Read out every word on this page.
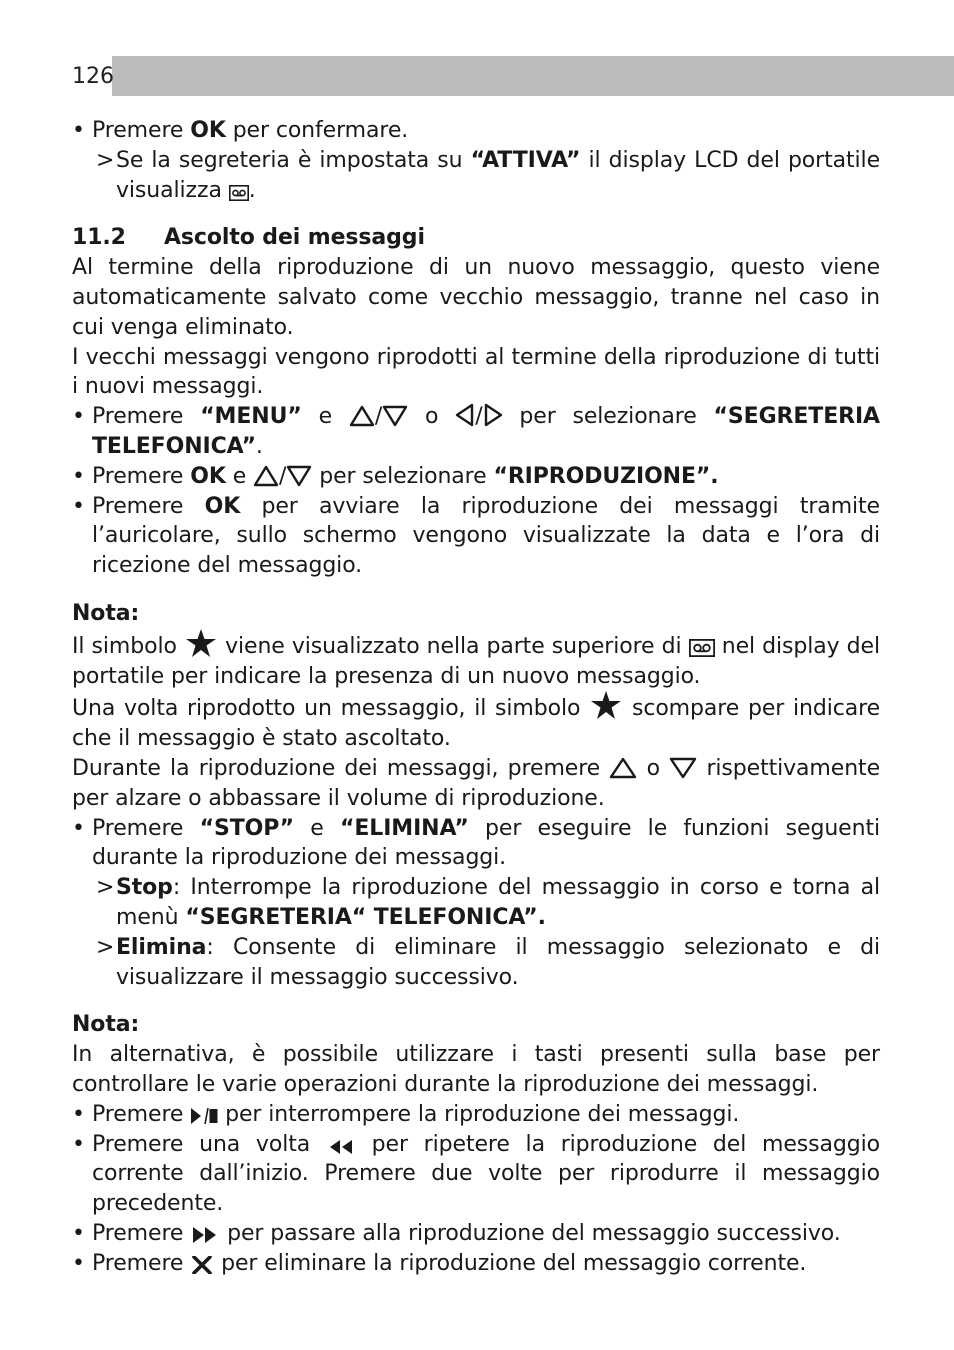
126
• Premere OK per confermare.
> Se la segreteria è impostata su “ATTIVA” il display LCD del portatile visualizza
.
11.2	Ascolto dei messaggi

Al termine della riproduzione di un nuovo messaggio, questo viene automaticamente salvato come vecchio messaggio, tranne nel caso in cui venga eliminato.

I vecchi messaggi vengono riprodotti al termine della riproduzione di tutti i nuovi messaggi.

• Premere “MENU” e
/
o
/
per selezionare “SEGRETERIA TELEFONICA”.
• Premere OK e
/
per selezionare “RIPRODUZIONE”.
• Premere OK per avviare la riproduzione dei messaggi tramite l’auricolare, sullo schermo vengono visualizzate la data e l’ora di ricezione del messaggio.

Nota:

Il simbolo
viene visualizzato nella parte superiore di
nel display del portatile per indicare la presenza di un nuovo messaggio.

Una volta riprodotto un messaggio, il simbolo
scompare per indicare che il messaggio è stato ascoltato.

Durante la riproduzione dei messaggi, premere
o
rispettivamente per alzare o abbassare il volume di riproduzione.

• Premere “STOP” e “ELIMINA” per eseguire le funzioni seguenti durante la riproduzione dei messaggi.
> Stop: Interrompe la riproduzione del messaggio in corso e torna al menù “SEGRETERIA“ TELEFONICA”.
> Elimina: Consente di eliminare il messaggio selezionato e di visualizzare il messaggio successivo.

Nota:

In alternativa, è possibile utilizzare i tasti presenti sulla base per controllare le varie operazioni durante la riproduzione dei messaggi.

• Premere
per interrompere la riproduzione dei messaggi.
• Premere una volta
per ripetere la riproduzione del messaggio corrente dall’inizio. Premere due volte per riprodurre il messaggio precedente.
• Premere
per passare alla riproduzione del messaggio successivo.
• Premere
per eliminare la riproduzione del messaggio corrente.
